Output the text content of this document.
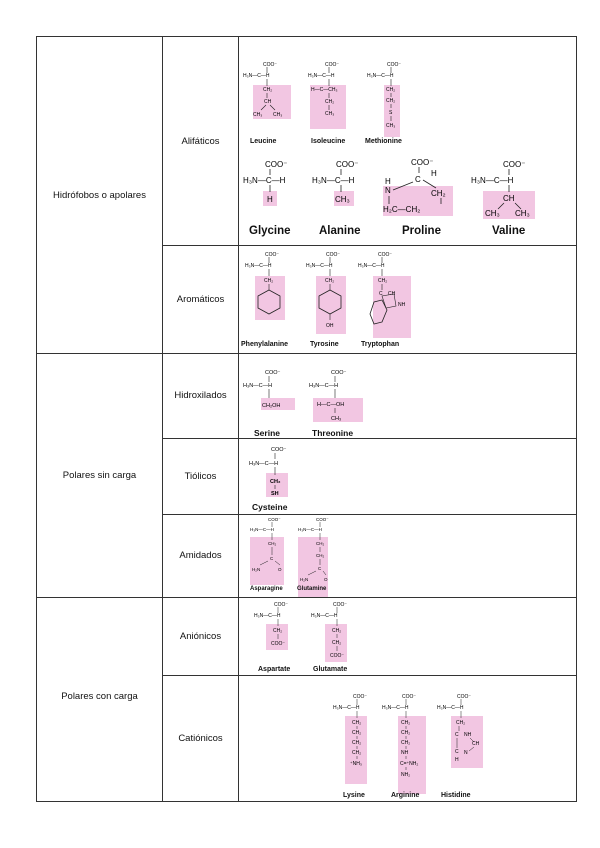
Hidrófobos o apolares
Polares sin carga
Polares con carga
Alifáticos
Aromáticos
Hidroxilados
Tiólicos
Amidados
Aniónicos
Catiónicos
COO⁻
H₃N—C—H
CH₂
CH
CH₃ CH₃
Leucine
COO⁻
H₃N—C—H
H—C—CH₃
CH₂
CH₃
Isoleucine
COO⁻
H₃N—C—H
CH₂
CH₂
S
CH₃
Methionine
COO⁻
H₃N—C—H
H
Glycine
COO⁻
H₃N—C—H
CH₃
Alanine
COO⁻
H
N
C
H
CH₂
H₂C—CH₂
Proline
COO⁻
H₃N—C—H
CH
CH₃ CH₃
Valine
COO⁻
H₃N—C—H
CH₂
Phenylalanine
COO⁻
H₃N—C—H
CH₂
OH
Tyrosine
COO⁻
H₃N—C—H
CH₂
C CH
NH
Tryptophan
COO⁻
H₃N—C—H
CH₂OH
Serine
COO⁻
H₃N—C—H
H—C—OH
CH₃
Threonine
COO⁻
H₃N—C—H
CH₂
SH
Cysteine
COO⁻
H₃N—C—H
CH₂
C
H₂N	O
Asparagine
COO⁻
H₃N—C—H
CH₂
CH₂
C
H₂N	O
Glutamine
COO⁻
H₃N—C—H
CH₂
COO⁻
Aspartate
COO⁻
H₃N—C—H
CH₂
CH₂
COO⁻
Glutamate
COO⁻
H₃N—C—H
CH₂
CH₂
CH₂
CH₂
⁺NH₃
Lysine
COO⁻
H₃N—C—H
CH₂
CH₂
CH₂
NH
C=⁺NH₂
NH₂
Arginine
COO⁻
H₃N—C—H
CH₂
C NH
CH
C N
H
Histidine
